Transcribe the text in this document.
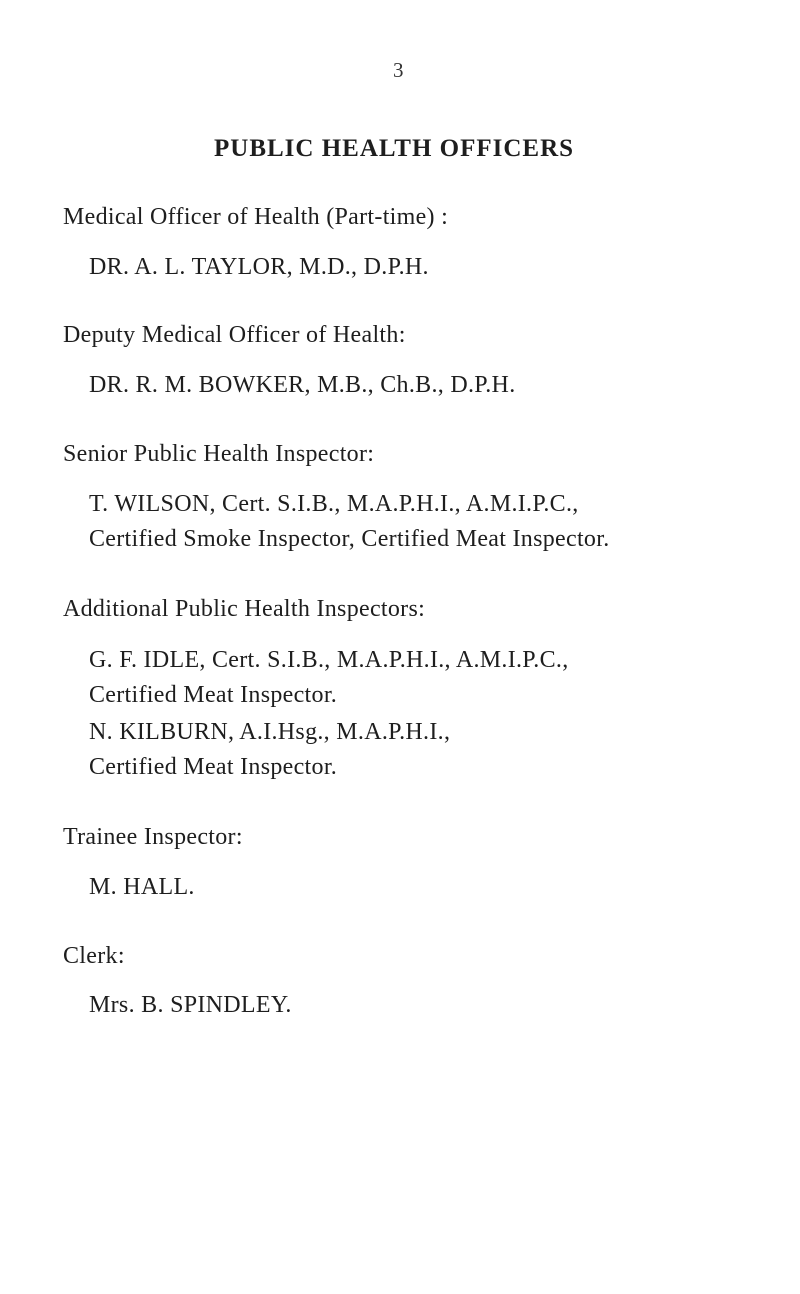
3
PUBLIC HEALTH OFFICERS
Medical Officer of Health (Part-time) :
DR. A. L. TAYLOR, M.D., D.P.H.
Deputy Medical Officer of Health:
DR. R. M. BOWKER, M.B., Ch.B., D.P.H.
Senior Public Health Inspector:
T. WILSON, Cert. S.I.B., M.A.P.H.I., A.M.I.P.C.,
Certified Smoke Inspector, Certified Meat Inspector.
Additional Public Health Inspectors:
G. F. IDLE, Cert. S.I.B., M.A.P.H.I., A.M.I.P.C.,
Certified Meat Inspector.
N. KILBURN, A.I.Hsg., M.A.P.H.I.,
Certified Meat Inspector.
Trainee Inspector:
M. HALL.
Clerk:
Mrs. B. SPINDLEY.
